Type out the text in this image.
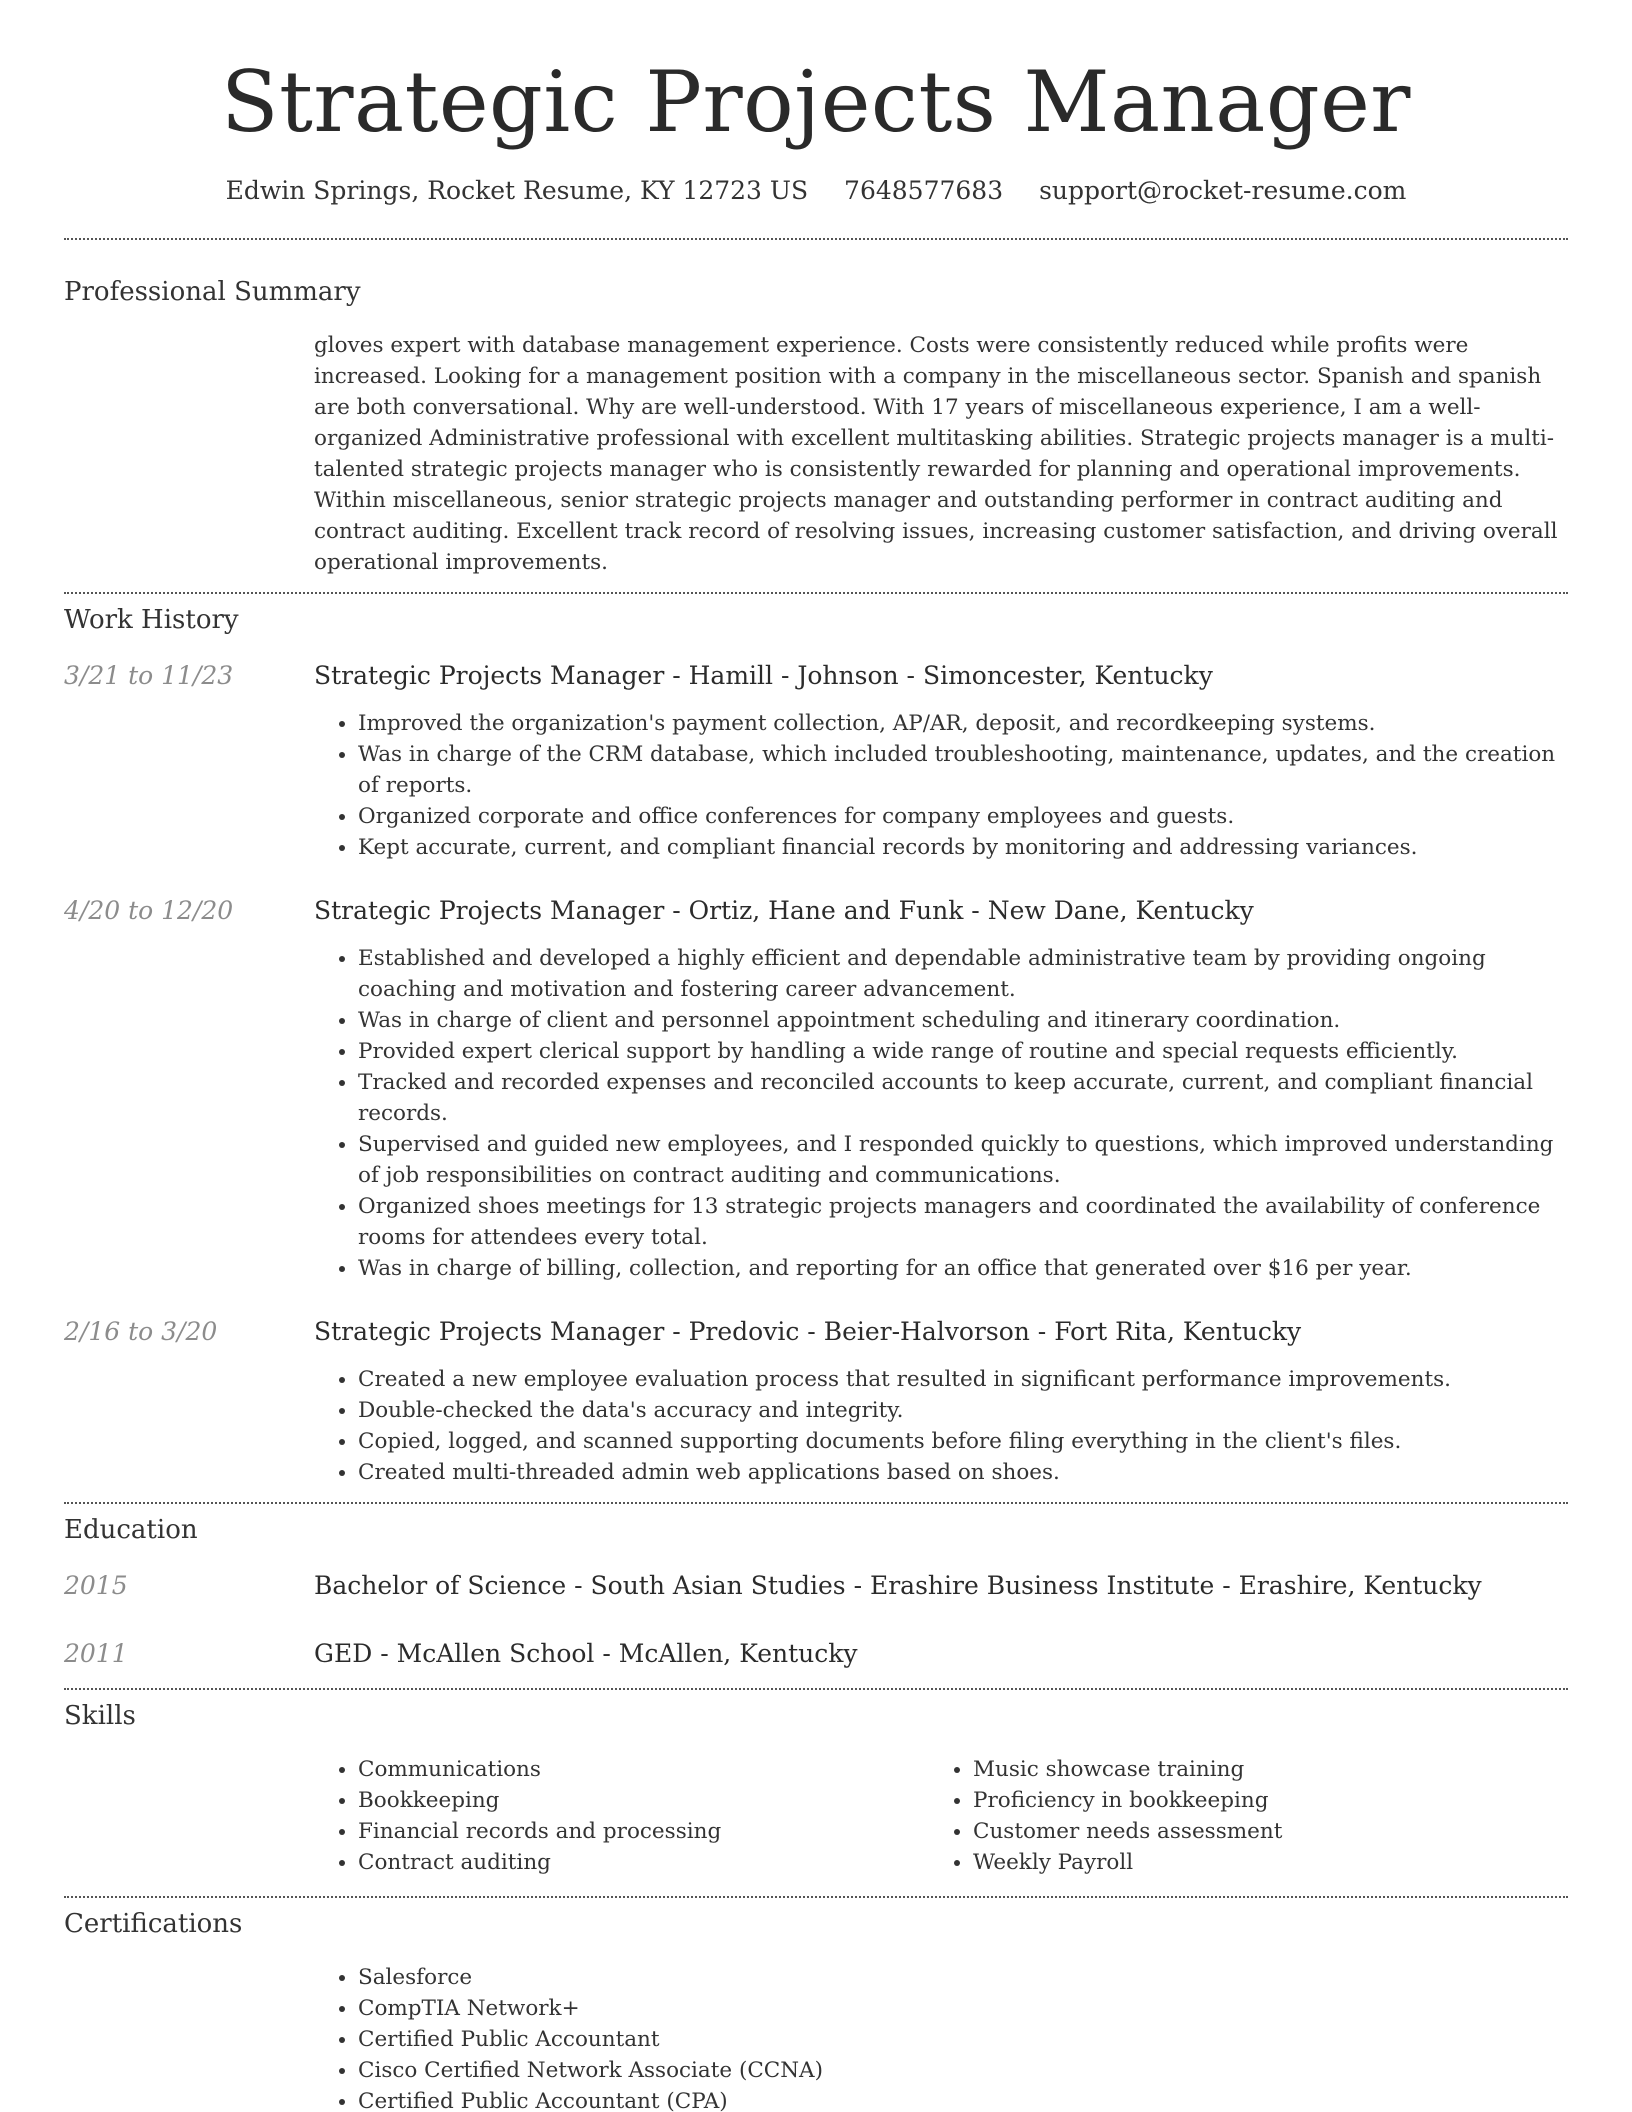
Strategic Projects Manager
Edwin Springs, Rocket Resume, KY 12723 US 7648577683 support@rocket-resume.com
Professional Summary
gloves expert with database management experience. Costs were consistently reduced while profits were increased. Looking for a management position with a company in the miscellaneous sector. Spanish and spanish are both conversational. Why are well-understood. With 17 years of miscellaneous experience, I am a well-organized Administrative professional with excellent multitasking abilities. Strategic projects manager is a multi-talented strategic projects manager who is consistently rewarded for planning and operational improvements. Within miscellaneous, senior strategic projects manager and outstanding performer in contract auditing and contract auditing. Excellent track record of resolving issues, increasing customer satisfaction, and driving overall operational improvements.
Work History
3/21 to 11/23	Strategic Projects Manager - Hamill - Johnson - Simoncester, Kentucky
• Improved the organization's payment collection, AP/AR, deposit, and recordkeeping systems.
• Was in charge of the CRM database, which included troubleshooting, maintenance, updates, and the creation of reports.
• Organized corporate and office conferences for company employees and guests.
• Kept accurate, current, and compliant financial records by monitoring and addressing variances.
4/20 to 12/20	Strategic Projects Manager - Ortiz, Hane and Funk - New Dane, Kentucky
• Established and developed a highly efficient and dependable administrative team by providing ongoing coaching and motivation and fostering career advancement.
• Was in charge of client and personnel appointment scheduling and itinerary coordination.
• Provided expert clerical support by handling a wide range of routine and special requests efficiently.
• Tracked and recorded expenses and reconciled accounts to keep accurate, current, and compliant financial records.
• Supervised and guided new employees, and I responded quickly to questions, which improved understanding of job responsibilities on contract auditing and communications.
• Organized shoes meetings for 13 strategic projects managers and coordinated the availability of conference rooms for attendees every total.
• Was in charge of billing, collection, and reporting for an office that generated over $16 per year.
2/16 to 3/20	Strategic Projects Manager - Predovic - Beier-Halvorson - Fort Rita, Kentucky
• Created a new employee evaluation process that resulted in significant performance improvements.
• Double-checked the data's accuracy and integrity.
• Copied, logged, and scanned supporting documents before filing everything in the client's files.
• Created multi-threaded admin web applications based on shoes.
Education
2015	Bachelor of Science - South Asian Studies - Erashire Business Institute - Erashire, Kentucky
2011	GED - McAllen School - McAllen, Kentucky
Skills
• Communications
• Bookkeeping
• Financial records and processing
• Contract auditing
• Music showcase training
• Proficiency in bookkeeping
• Customer needs assessment
• Weekly Payroll
Certifications
• Salesforce
• CompTIA Network+
• Certified Public Accountant
• Cisco Certified Network Associate (CCNA)
• Certified Public Accountant (CPA)
